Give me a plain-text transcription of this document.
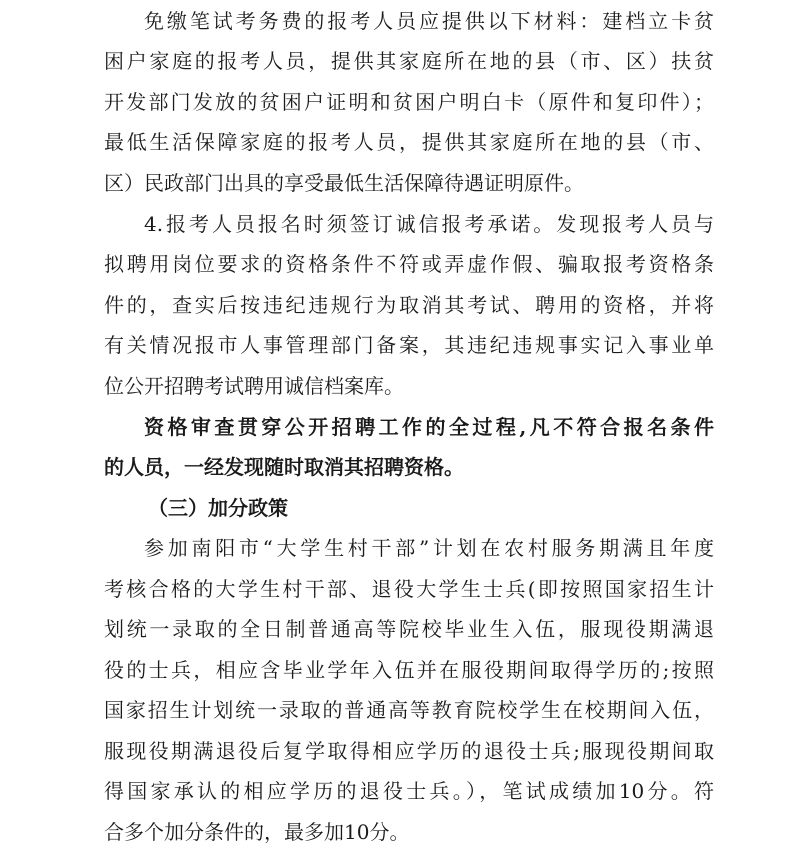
免缴笔试考务费的报考人员应提供以下材料：建档立卡贫
困户家庭的报考人员，提供其家庭所在地的县（市、区）扶贫
开发部门发放的贫困户证明和贫困户明白卡（原件和复印件）；
最低生活保障家庭的报考人员，提供其家庭所在地的县（市、
区）民政部门出具的享受最低生活保障待遇证明原件。
4.报考人员报名时须签订诚信报考承诺。发现报考人员与
拟聘用岗位要求的资格条件不符或弄虚作假、骗取报考资格条
件的，查实后按违纪违规行为取消其考试、聘用的资格，并将
有关情况报市人事管理部门备案，其违纪违规事实记入事业单
位公开招聘考试聘用诚信档案库。
资格审查贯穿公开招聘工作的全过程,凡不符合报名条件
的人员，一经发现随时取消其招聘资格。
（三）加分政策
参加南阳市“大学生村干部”计划在农村服务期满且年度
考核合格的大学生村干部、退役大学生士兵(即按照国家招生计
划统一录取的全日制普通高等院校毕业生入伍，服现役期满退
役的士兵，相应含毕业学年入伍并在服役期间取得学历的;按照
国家招生计划统一录取的普通高等教育院校学生在校期间入伍，
服现役期满退役后复学取得相应学历的退役士兵;服现役期间取
得国家承认的相应学历的退役士兵。），笔试成绩加10分。符
合多个加分条件的，最多加10分。
